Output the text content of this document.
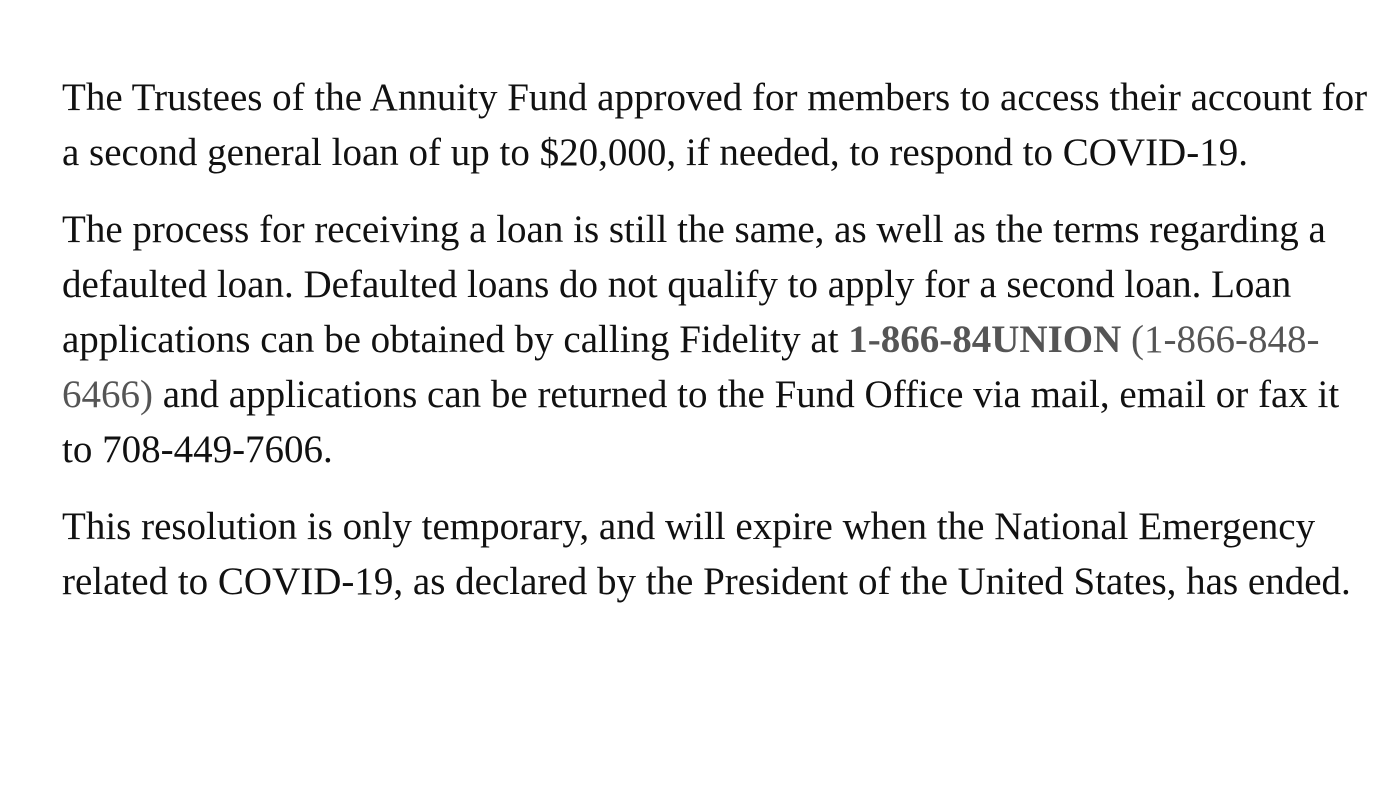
The Trustees of the Annuity Fund approved for members to access their account for a second general loan of up to $20,000, if needed, to respond to COVID-19.

The process for receiving a loan is still the same, as well as the terms regarding a defaulted loan. Defaulted loans do not qualify to apply for a second loan. Loan applications can be obtained by calling Fidelity at 1-866-84UNION (1-866-848-6466) and applications can be returned to the Fund Office via mail, email or fax it to 708-449-7606.

This resolution is only temporary, and will expire when the National Emergency related to COVID-19, as declared by the President of the United States, has ended.
